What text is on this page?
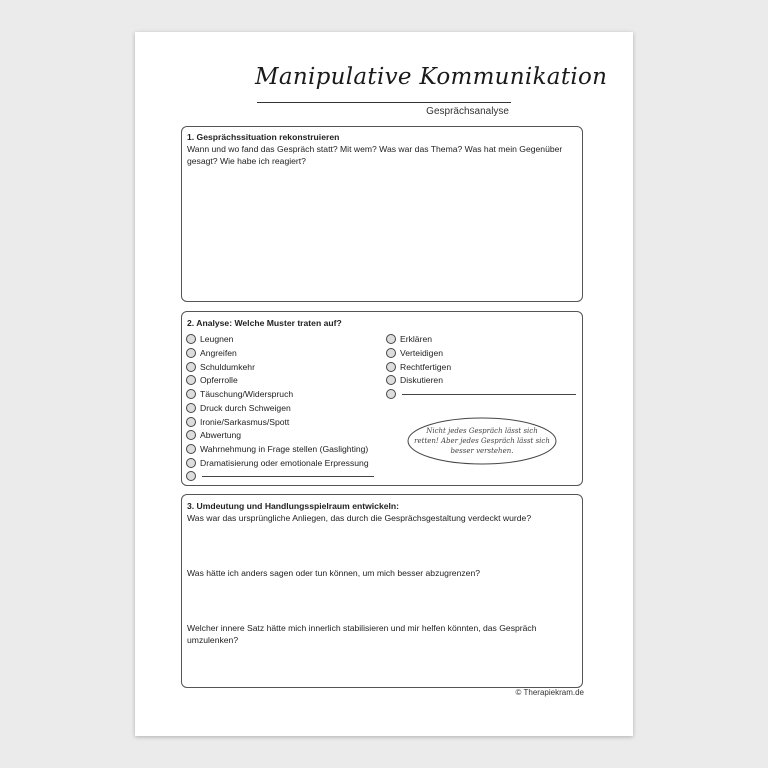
Manipulative Kommunikation
Gesprächsanalyse
1. Gesprächssituation rekonstruieren
Wann und wo fand das Gespräch statt? Mit wem? Was war das Thema? Was hat mein Gegenüber gesagt? Wie habe ich reagiert?
2. Analyse: Welche Muster traten auf?
Leugnen
Angreifen
Schuldumkehr
Opferrolle
Täuschung/Widerspruch
Druck durch Schweigen
Ironie/Sarkasmus/Spott
Abwertung
Wahrnehmung in Frage stellen (Gaslighting)
Dramatisierung oder emotionale Erpressung
Erklären
Verteidigen
Rechtfertigen
Diskutieren
Nicht jedes Gespräch lässt sich retten! Aber jedes Gespräch lässt sich besser verstehen.
3. Umdeutung und Handlungsspielraum entwickeln:
Was war das ursprüngliche Anliegen, das durch die Gesprächsgestaltung verdeckt wurde?
Was hätte ich anders sagen oder tun können, um mich besser abzugrenzen?
Welcher innere Satz hätte mich innerlich stabilisieren und mir helfen könnten, das Gespräch umzulenken?
© Therapiekram.de
